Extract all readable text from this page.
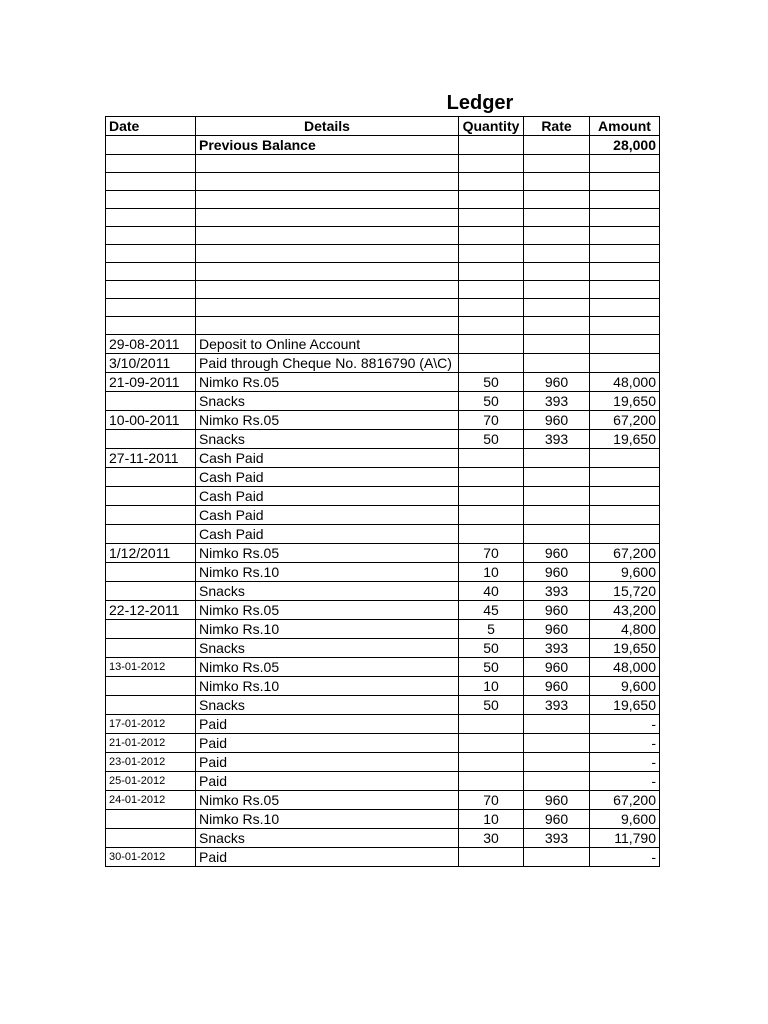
Ledger
Date	Details	Quantity	Rate	Amount
	Previous Balance			28,000

29-08-2011	Deposit to Online Account			
3/10/2011	Paid through Cheque No. 8816790 (A\C)			
21-09-2011	Nimko Rs.05	50	960	48,000
	Snacks	50	393	19,650
10-00-2011	Nimko Rs.05	70	960	67,200
	Snacks	50	393	19,650
27-11-2011	Cash Paid			
	Cash Paid			
	Cash Paid			
	Cash Paid			
	Cash Paid			
1/12/2011	Nimko Rs.05	70	960	67,200
	Nimko Rs.10	10	960	9,600
	Snacks	40	393	15,720
22-12-2011	Nimko Rs.05	45	960	43,200
	Nimko Rs.10	5	960	4,800
	Snacks	50	393	19,650
13-01-2012	Nimko Rs.05	50	960	48,000
	Nimko Rs.10	10	960	9,600
	Snacks	50	393	19,650
17-01-2012	Paid			-
21-01-2012	Paid			-
23-01-2012	Paid			-
25-01-2012	Paid			-
24-01-2012	Nimko Rs.05	70	960	67,200
	Nimko Rs.10	10	960	9,600
	Snacks	30	393	11,790
30-01-2012	Paid			-
